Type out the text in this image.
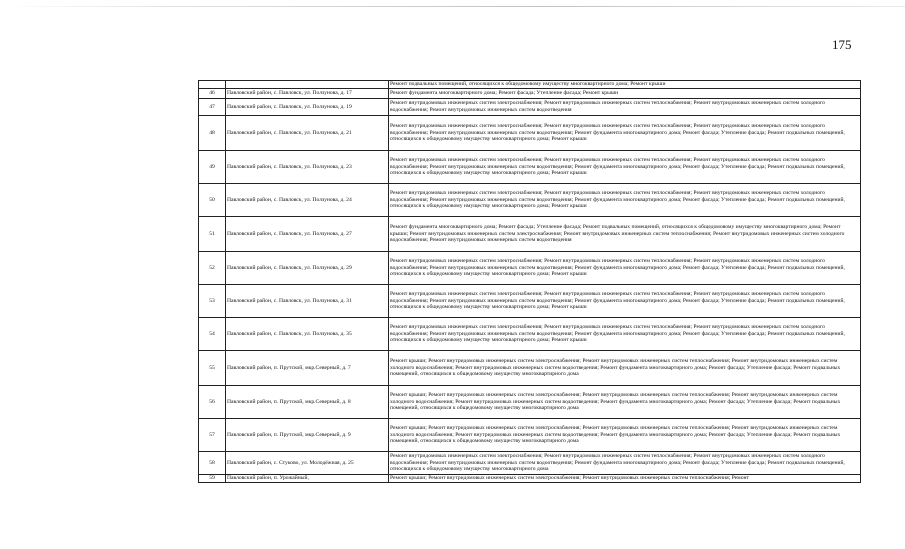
175
		Ремонт подвальных помещений, относящихся к общедомовому имуществу многоквартирного дома; Ремонт крыши
46	Павловский район, с. Павловск, ул. Ползунова, д. 17	Ремонт фундамента многоквартирного дома; Ремонт фасада; Утепление фасада; Ремонт крыши
47	Павловский район, с. Павловск, ул. Ползунова, д. 19	Ремонт внутридомовых инженерных систем электроснабжения; Ремонт внутридомовых инженерных систем теплоснабжения; Ремонт внутридомовых инженерных систем холодного водоснабжения; Ремонт внутридомовых инженерных систем водоотведения
48	Павловский район, с. Павловск, ул. Ползунова, д. 21	Ремонт внутридомовых инженерных систем электроснабжения; Ремонт внутридомовых инженерных систем теплоснабжения; Ремонт внутридомовых инженерных систем холодного водоснабжения; Ремонт внутридомовых инженерных систем водоотведения; Ремонт фундамента многоквартирного дома; Ремонт фасада; Утепление фасада; Ремонт подвальных помещений, относящихся к общедомовому имуществу многоквартирного дома; Ремонт крыши
49	Павловский район, с. Павловск, ул. Ползунова, д. 23	Ремонт внутридомовых инженерных систем электроснабжения; Ремонт внутридомовых инженерных систем теплоснабжения; Ремонт внутридомовых инженерных систем холодного водоснабжения; Ремонт внутридомовых инженерных систем водоотведения; Ремонт фундамента многоквартирного дома; Ремонт фасада; Утепление фасада; Ремонт подвальных помещений, относящихся к общедомовому имуществу многоквартирного дома; Ремонт крыши
50	Павловский район, с. Павловск, ул. Ползунова, д. 24	Ремонт внутридомовых инженерных систем электроснабжения; Ремонт внутридомовых инженерных систем теплоснабжения; Ремонт внутридомовых инженерных систем холодного водоснабжения; Ремонт внутридомовых инженерных систем водоотведения; Ремонт фундамента многоквартирного дома; Ремонт фасада; Утепление фасада; Ремонт подвальных помещений, относящихся к общедомовому имуществу многоквартирного дома; Ремонт крыши
51	Павловский район, с. Павловск, ул. Ползунова, д. 27	Ремонт фундамента многоквартирного дома; Ремонт фасада; Утепление фасада; Ремонт подвальных помещений, относящихся к общедомовому имуществу многоквартирного дома; Ремонт крыши; Ремонт внутридомовых инженерных систем электроснабжения; Ремонт внутридомовых инженерных систем теплоснабжения; Ремонт внутридомовых инженерных систем холодного водоснабжения; Ремонт внутридомовых инженерных систем водоотведения
52	Павловский район, с. Павловск, ул. Ползунова, д. 29	Ремонт внутридомовых инженерных систем электроснабжения; Ремонт внутридомовых инженерных систем теплоснабжения; Ремонт внутридомовых инженерных систем холодного водоснабжения; Ремонт внутридомовых инженерных систем водоотведения; Ремонт фундамента многоквартирного дома; Ремонт фасада; Утепление фасада; Ремонт подвальных помещений, относящихся к общедомовому имуществу многоквартирного дома; Ремонт крыши
53	Павловский район, с. Павловск, ул. Ползунова, д. 31	Ремонт внутридомовых инженерных систем электроснабжения; Ремонт внутридомовых инженерных систем теплоснабжения; Ремонт внутридомовых инженерных систем холодного водоснабжения; Ремонт внутридомовых инженерных систем водоотведения; Ремонт фундамента многоквартирного дома; Ремонт фасада; Утепление фасада; Ремонт подвальных помещений, относящихся к общедомовому имуществу многоквартирного дома; Ремонт крыши
54	Павловский район, с. Павловск, ул. Ползунова, д. 35	Ремонт внутридомовых инженерных систем электроснабжения; Ремонт внутридомовых инженерных систем теплоснабжения; Ремонт внутридомовых инженерных систем холодного водоснабжения; Ремонт внутридомовых инженерных систем водоотведения; Ремонт фундамента многоквартирного дома; Ремонт фасада; Утепление фасада; Ремонт подвальных помещений, относящихся к общедомовому имуществу многоквартирного дома; Ремонт крыши
55	Павловский район, п. Прутской, мкр.Северный, д. 7	Ремонт крыши; Ремонт внутридомовых инженерных систем электроснабжения; Ремонт внутридомовых инженерных систем теплоснабжения; Ремонт внутридомовых инженерных систем холодного водоснабжения; Ремонт внутридомовых инженерных систем водоотведения; Ремонт фундамента многоквартирного дома; Ремонт фасада; Утепление фасада; Ремонт подвальных помещений, относящихся к общедомовому имуществу многоквартирного дома
56	Павловский район, п. Прутской, мкр.Северный, д. 8	Ремонт крыши; Ремонт внутридомовых инженерных систем электроснабжения; Ремонт внутридомовых инженерных систем теплоснабжения; Ремонт внутридомовых инженерных систем холодного водоснабжения; Ремонт внутридомовых инженерных систем водоотведения; Ремонт фундамента многоквартирного дома; Ремонт фасада; Утепление фасада; Ремонт подвальных помещений, относящихся к общедомовому имуществу многоквартирного дома
57	Павловский район, п. Прутской, мкр.Северный, д. 9	Ремонт крыши; Ремонт внутридомовых инженерных систем электроснабжения; Ремонт внутридомовых инженерных систем теплоснабжения; Ремонт внутридомовых инженерных систем холодного водоснабжения; Ремонт внутридомовых инженерных систем водоотведения; Ремонт фундамента многоквартирного дома; Ремонт фасада; Утепление фасада; Ремонт подвальных помещений, относящихся к общедомовому имуществу многоквартирного дома
58	Павловский район, с. Стуково, ул. Молодёжная, д. 25	Ремонт внутридомовых инженерных систем электроснабжения; Ремонт внутридомовых инженерных систем теплоснабжения; Ремонт внутридомовых инженерных систем холодного водоснабжения; Ремонт внутридомовых инженерных систем водоотведения; Ремонт фундамента многоквартирного дома; Ремонт фасада; Утепление фасада; Ремонт подвальных помещений, относящихся к общедомовому имуществу многоквартирного дома
59	Павловский район, п. Урожайный,	Ремонт крыши; Ремонт внутридомовых инженерных систем электроснабжения; Ремонт внутридомовых инженерных систем теплоснабжения; Ремонт
